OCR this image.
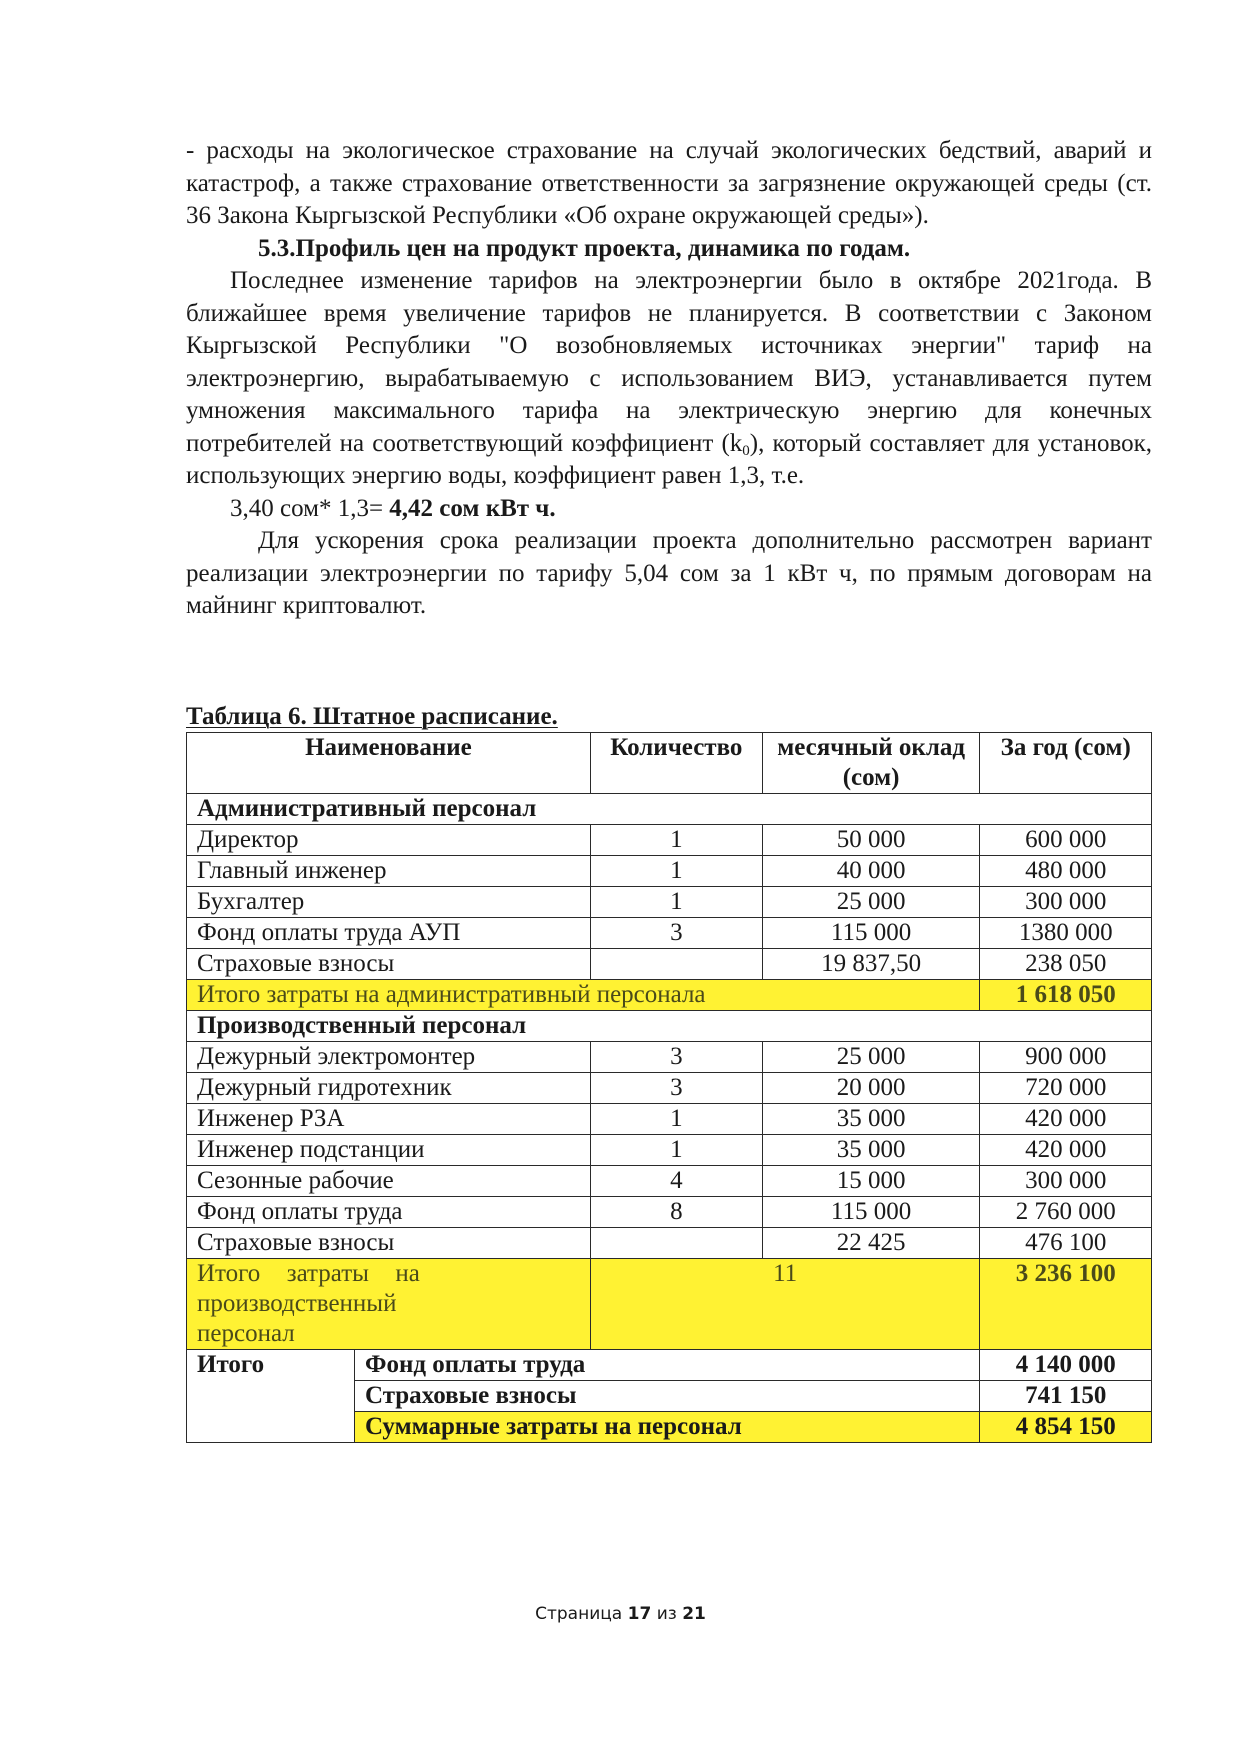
- расходы на экологическое страхование на случай экологических бедствий, аварий и катастроф, а также страхование ответственности за загрязнение окружающей среды (ст. 36 Закона Кыргызской Республики «Об охране окружающей среды»).

5.3.Профиль цен на продукт проекта, динамика по годам.

Последнее изменение тарифов на электроэнергии было в октябре 2021года. В ближайшее время увеличение тарифов не планируется. В соответствии с Законом Кыргызской Республики "О возобновляемых источниках энергии" тариф на электроэнергию, вырабатываемую с использованием ВИЭ, устанавливается путем умножения максимального тарифа на электрическую энергию для конечных потребителей на соответствующий коэффициент $(k_0)$, который составляет для установок, использующих энергию воды, коэффициент равен 1,3, т.е.

3,40 сом* 1,3= 4,42 сом кВт ч.

Для ускорения срока реализации проекта дополнительно рассмотрен вариант реализации электроэнергии по тарифу 5,04 сом за 1 кВт ч, по прямым договорам на майнинг криптовалют.

Таблица 6. Штатное расписание.
Наименование		Количество	месячный оклад (сом)	За год (сом)
Административный персонал				
Директор		1	50 000	600 000
Главный инженер		1	40 000	480 000
Бухгалтер		1	25 000	300 000
Фонд оплаты труда АУП		3	115 000	1380 000
Страховые взносы			19 837,50	238 050
Итого затраты на административный персонала				1 618 050
Производственный персонал				
Дежурный электромонтер		3	25 000	900 000
Дежурный гидротехник		3	20 000	720 000
Инженер РЗА		1	35 000	420 000
Инженер подстанции		1	35 000	420 000
Сезонные рабочие		4	15 000	300 000
Фонд оплаты труда		8	115 000	2 760 000
Страховые взносы			22 425	476 100
Итого затраты на производственный персонал		11		3 236 100
Итого	Фонд оплаты труда			4 140 000
	Страховые взносы			741 150
	Суммарные затраты на персонал			4 854 150
Страница 17 из 21
